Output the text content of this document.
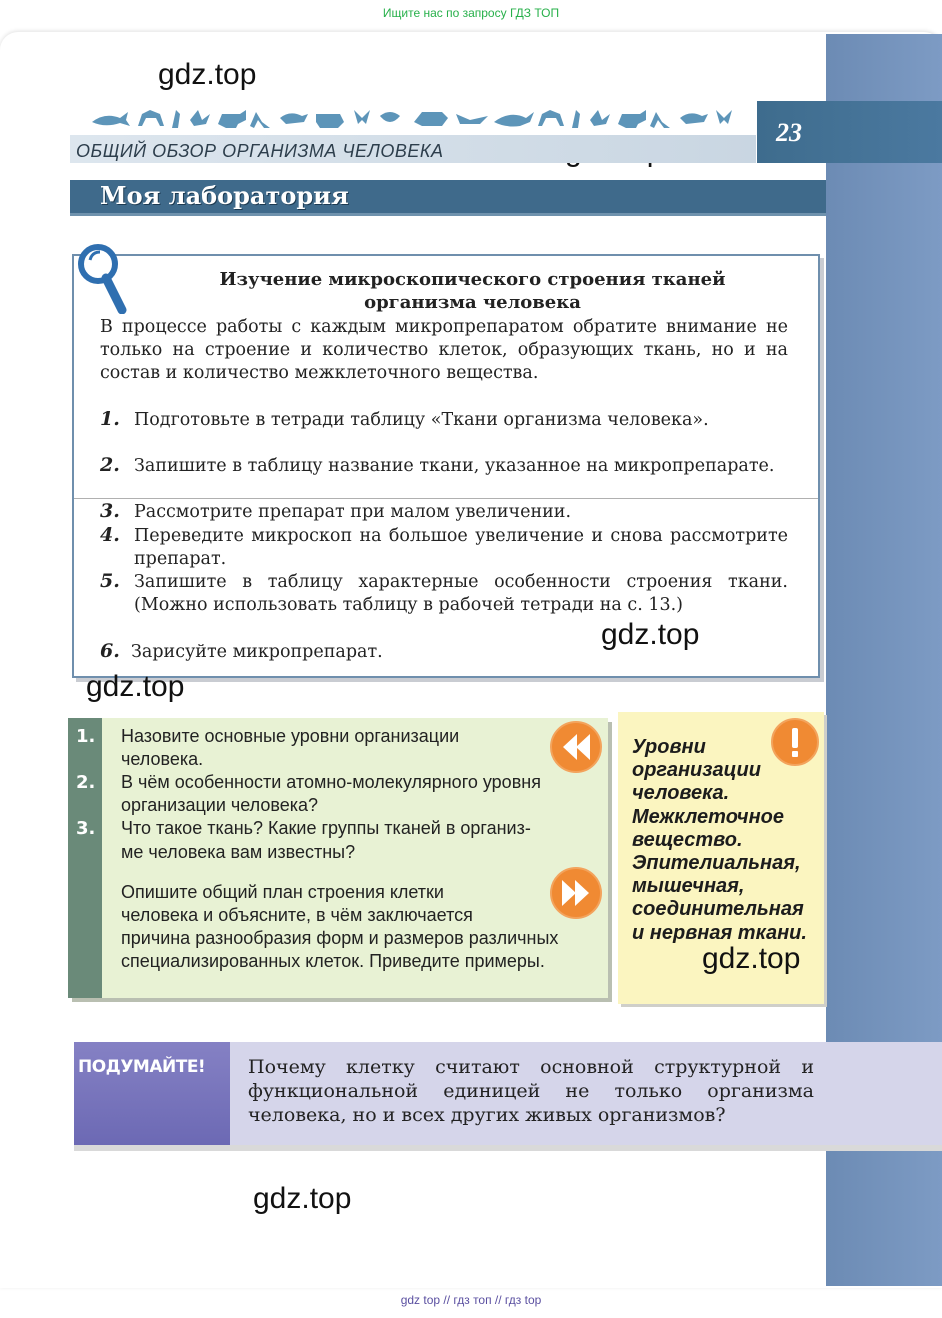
Ищите нас по запросу ГДЗ ТОП
23
gdz.top
ОБЩИЙ ОБЗОР ОРГАНИЗМА ЧЕЛОВЕКА
Моя лаборатория
Изучение микроскопического строения тканей
организма человека
В процессе работы с каждым микропрепаратом обратите внимание не только на строение и количество клеток, образующих ткань, но и на состав и количество межклеточного вещества.
1. Подготовьте в тетради таблицу «Ткани организма человека».
2. Запишите в таблицу название ткани, указанное на микропрепарате.
3. Рассмотрите препарат при малом увеличении.
4. Переведите микроскоп на большое увеличение и снова рассмотрите препарат.
5. Запишите в таблицу характерные особенности строения ткани. (Можно использовать таблицу в рабочей тетради на с. 13.)
6. Зарисуйте микропрепарат.
gdz.top
gdz.top
1. Назовите основные уровни организации
человека.
2. В чём особенности атомно-молекулярного уровня
организации человека?
3. Что такое ткань? Какие группы тканей в организ-
ме человека вам известны?
Опишите общий план строения клетки
человека и объясните, в чём заключается
причина разнообразия форм и размеров различных
специализированных клеток. Приведите примеры.
Уровни
организации
человека.
Межклеточное
вещество.
Эпителиальная,
мышечная,
соединительная
и нервная ткани.
gdz.top
ПОДУМАЙТЕ! Почему клетку считают основной структурной и функциональной единицей не только организма человека, но и всех других живых организмов?
gdz.top
gdz top // гдз топ // гдз top
